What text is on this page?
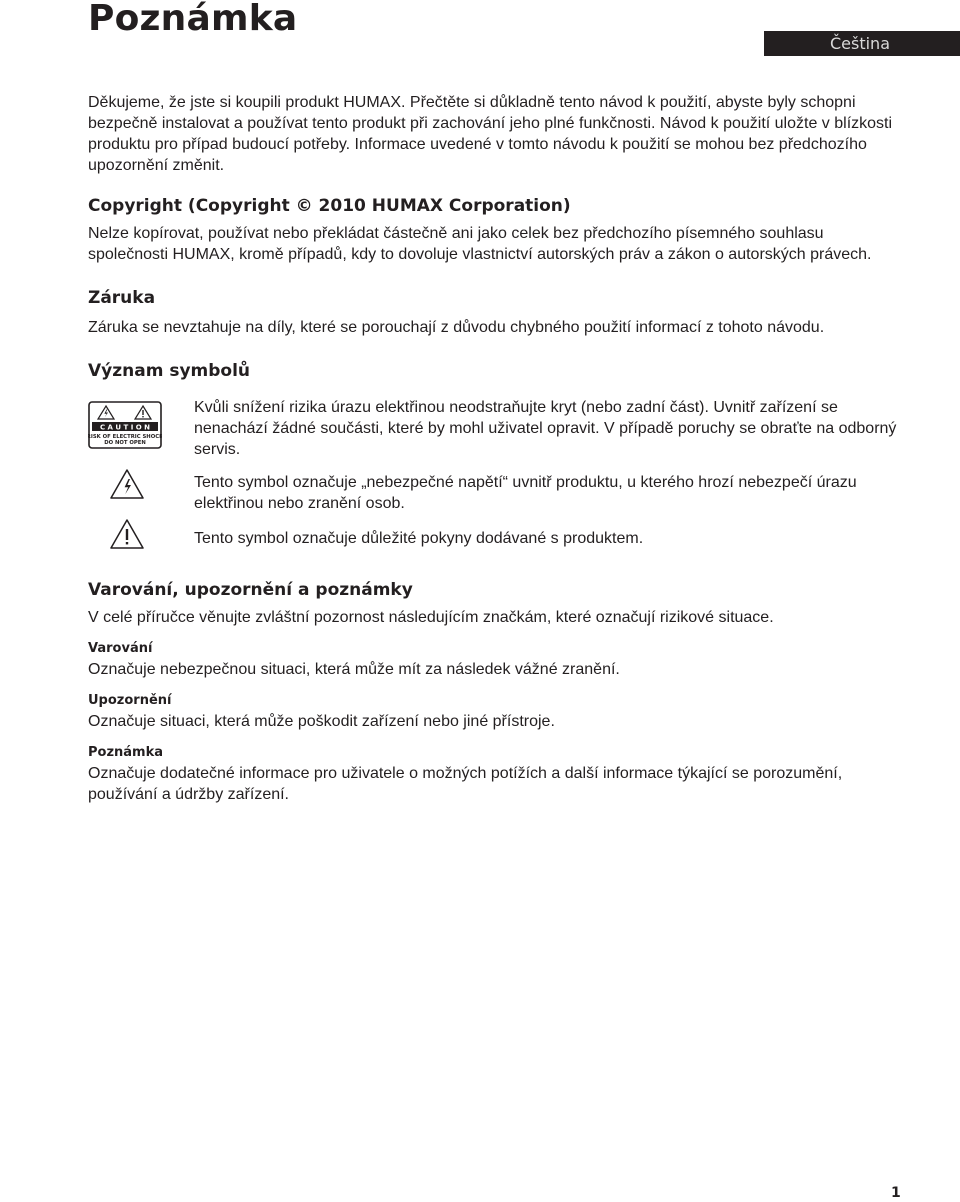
Poznámka
Čeština

Děkujeme, že jste si koupili produkt HUMAX. Přečtěte si důkladně tento návod k použití, abyste byly schopni bezpečně instalovat a používat tento produkt při zachování jeho plné funkčnosti. Návod k použití uložte v blízkosti produktu pro případ budoucí potřeby. Informace uvedené v tomto návodu k použití se mohou bez předchozího upozornění změnit.

Copyright (Copyright © 2010 HUMAX Corporation)

Nelze kopírovat, používat nebo překládat částečně ani jako celek bez předchozího písemného souhlasu společnosti HUMAX, kromě případů, kdy to dovoluje vlastnictví autorských práv a zákon o autorských právech.

Záruka

Záruka se nevztahuje na díly, které se porouchají z důvodu chybného použití informací z tohoto návodu.

Význam symbolů
C A U T I O N
RISK OF ELECTRIC SHOCK
DO NOT OPEN

Kvůli snížení rizika úrazu elektřinou neodstraňujte kryt (nebo zadní část). Uvnitř zařízení se nenachází žádné součásti, které by mohl uživatel opravit. V případě poruchy se obraťte na odborný servis.

Tento symbol označuje „nebezpečné napětí“ uvnitř produktu, u kterého hrozí nebezpečí úrazu elektřinou nebo zranění osob.

Tento symbol označuje důležité pokyny dodávané s produktem.

Varování, upozornění a poznámky

V celé příručce věnujte zvláštní pozornost následujícím značkám, které označují rizikové situace.

Varování

Označuje nebezpečnou situaci, která může mít za následek vážné zranění.

Upozornění

Označuje situaci, která může poškodit zařízení nebo jiné přístroje.

Poznámka

Označuje dodatečné informace pro uživatele o možných potížích a další informace týkající se porozumění, používání a údržby zařízení.

1
